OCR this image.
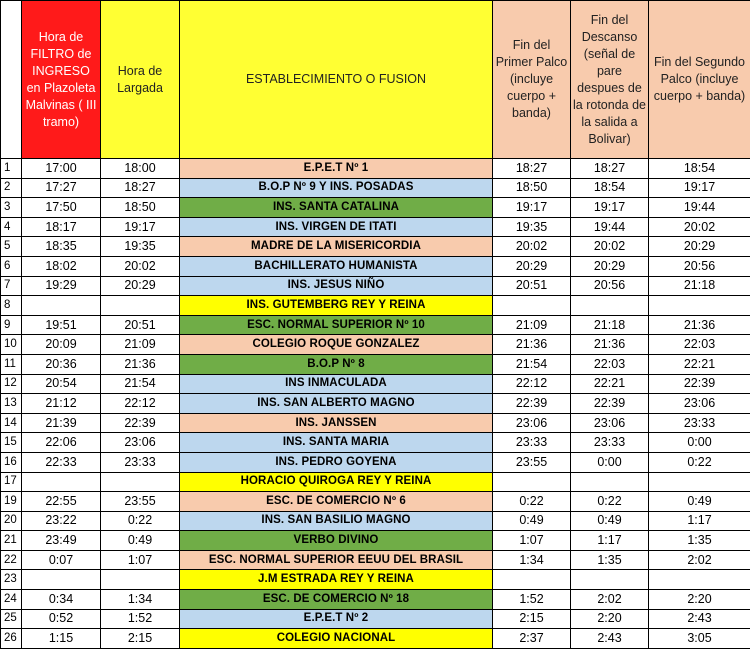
	Hora de FILTRO de INGRESO en Plazoleta Malvinas ( III tramo)	Hora de Largada	ESTABLECIMIENTO O FUSION	Fin del Primer Palco (incluye cuerpo + banda)	Fin del Descanso (señal de pare despues de la rotonda de la salida a Bolivar)	Fin del Segundo Palco (incluye cuerpo + banda)
1	17:00	18:00	E.P.E.T Nº 1	18:27	18:27	18:54
2	17:27	18:27	B.O.P Nº 9 Y INS. POSADAS	18:50	18:54	19:17
3	17:50	18:50	INS. SANTA CATALINA	19:17	19:17	19:44
4	18:17	19:17	INS. VIRGEN DE ITATI	19:35	19:44	20:02
5	18:35	19:35	MADRE DE LA MISERICORDIA	20:02	20:02	20:29
6	18:02	20:02	BACHILLERATO HUMANISTA	20:29	20:29	20:56
7	19:29	20:29	INS. JESUS NIÑO	20:51	20:56	21:18
8			INS. GUTEMBERG REY Y REINA			
9	19:51	20:51	ESC. NORMAL SUPERIOR Nº 10	21:09	21:18	21:36
10	20:09	21:09	COLEGIO ROQUE GONZALEZ	21:36	21:36	22:03
11	20:36	21:36	B.O.P Nº 8	21:54	22:03	22:21
12	20:54	21:54	INS INMACULADA	22:12	22:21	22:39
13	21:12	22:12	INS. SAN ALBERTO MAGNO	22:39	22:39	23:06
14	21:39	22:39	INS. JANSSEN	23:06	23:06	23:33
15	22:06	23:06	INS. SANTA MARIA	23:33	23:33	0:00
16	22:33	23:33	INS. PEDRO GOYENA	23:55	0:00	0:22
17			HORACIO QUIROGA REY Y REINA			
19	22:55	23:55	ESC. DE COMERCIO Nº 6	0:22	0:22	0:49
20	23:22	0:22	INS. SAN BASILIO MAGNO	0:49	0:49	1:17
21	23:49	0:49	VERBO DIVINO	1:07	1:17	1:35
22	0:07	1:07	ESC. NORMAL SUPERIOR EEUU DEL BRASIL	1:34	1:35	2:02
23			J.M ESTRADA REY Y REINA			
24	0:34	1:34	ESC. DE COMERCIO Nº 18	1:52	2:02	2:20
25	0:52	1:52	E.P.E.T Nº 2	2:15	2:20	2:43
26	1:15	2:15	COLEGIO NACIONAL	2:37	2:43	3:05
